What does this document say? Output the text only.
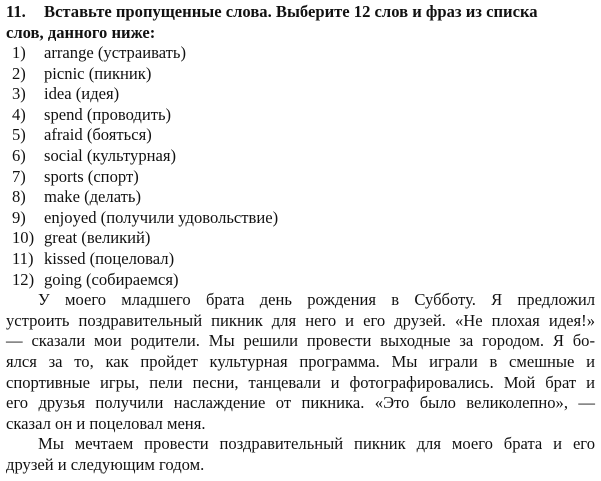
11. Вставьте пропущенные слова. Выберите 12 слов и фраз из списка
слов, данного ниже:
1) arrange (устраивать)
2) picnic (пикник)
3) idea (идея)
4) spend (проводить)
5) afraid (бояться)
6) social (культурная)
7) sports (спорт)
8) make (делать)
9) enjoyed (получили удовольствие)
10) great (великий)
11) kissed (поцеловал)
12) going (собираемся)
У моего младшего брата день рождения в Субботу. Я предложил
устроить поздравительный пикник для него и его друзей. «Не плохая идея!»
— сказали мои родители. Мы решили провести выходные за городом. Я бо-
ялся за то, как пройдет культурная программа. Мы играли в смешные и
спортивные игры, пели песни, танцевали и фотографировались. Мой брат и
его друзья получили наслаждение от пикника. «Это было великолепно», —
сказал он и поцеловал меня.
Мы мечтаем провести поздравительный пикник для моего брата и его
друзей и следующим годом.
